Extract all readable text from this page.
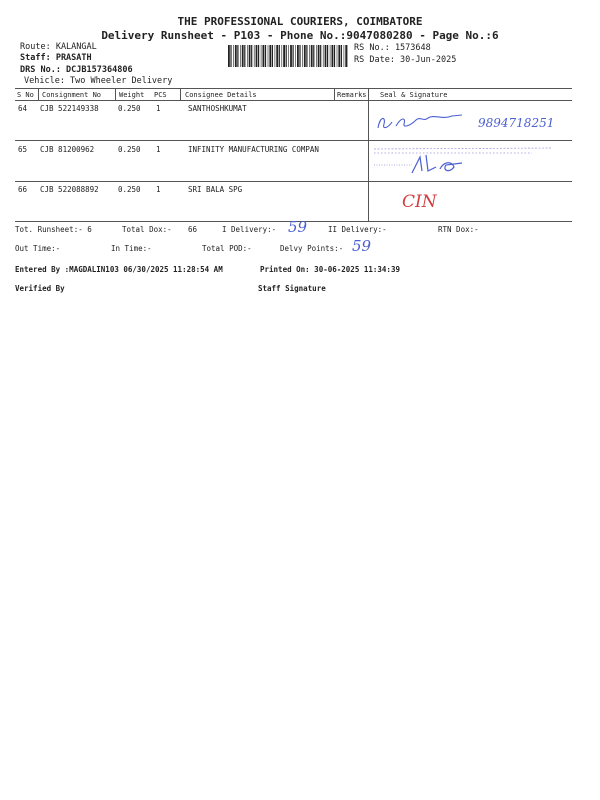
THE PROFESSIONAL COURIERS, COIMBATORE
Delivery Runsheet - P103 - Phone No.:9047080280 - Page No.:6
Route: KALANGAL
Staff: PRASATH
DRS No.: DCJB157364806
Vehicle: Two Wheeler Delivery
RS No.: 1573648
RS Date: 30-Jun-2025
S No Consignment No	Weight PCS	Consignee Details	Remarks Seal & Signature
64 CJB 522149338	0.250 1	SANTHOSHKUMAT
65 CJB 81200962	0.250 1	INFINITY MANUFACTURING COMPAN
66 CJB 522088892	0.250 1	SRI BALA SPG
9894718251
CIN
Tot. Runsheet:- 6	Total Dox:- 66	I Delivery:- 59	II Delivery:-	RTN Dox:-
Out Time:-	In Time:-	Total POD:-	Delvy Points:- 59
Entered By :MAGDALIN103 06/30/2025 11:28:54 AM	Printed On: 30-06-2025 11:34:39
Verified By	Staff Signature
